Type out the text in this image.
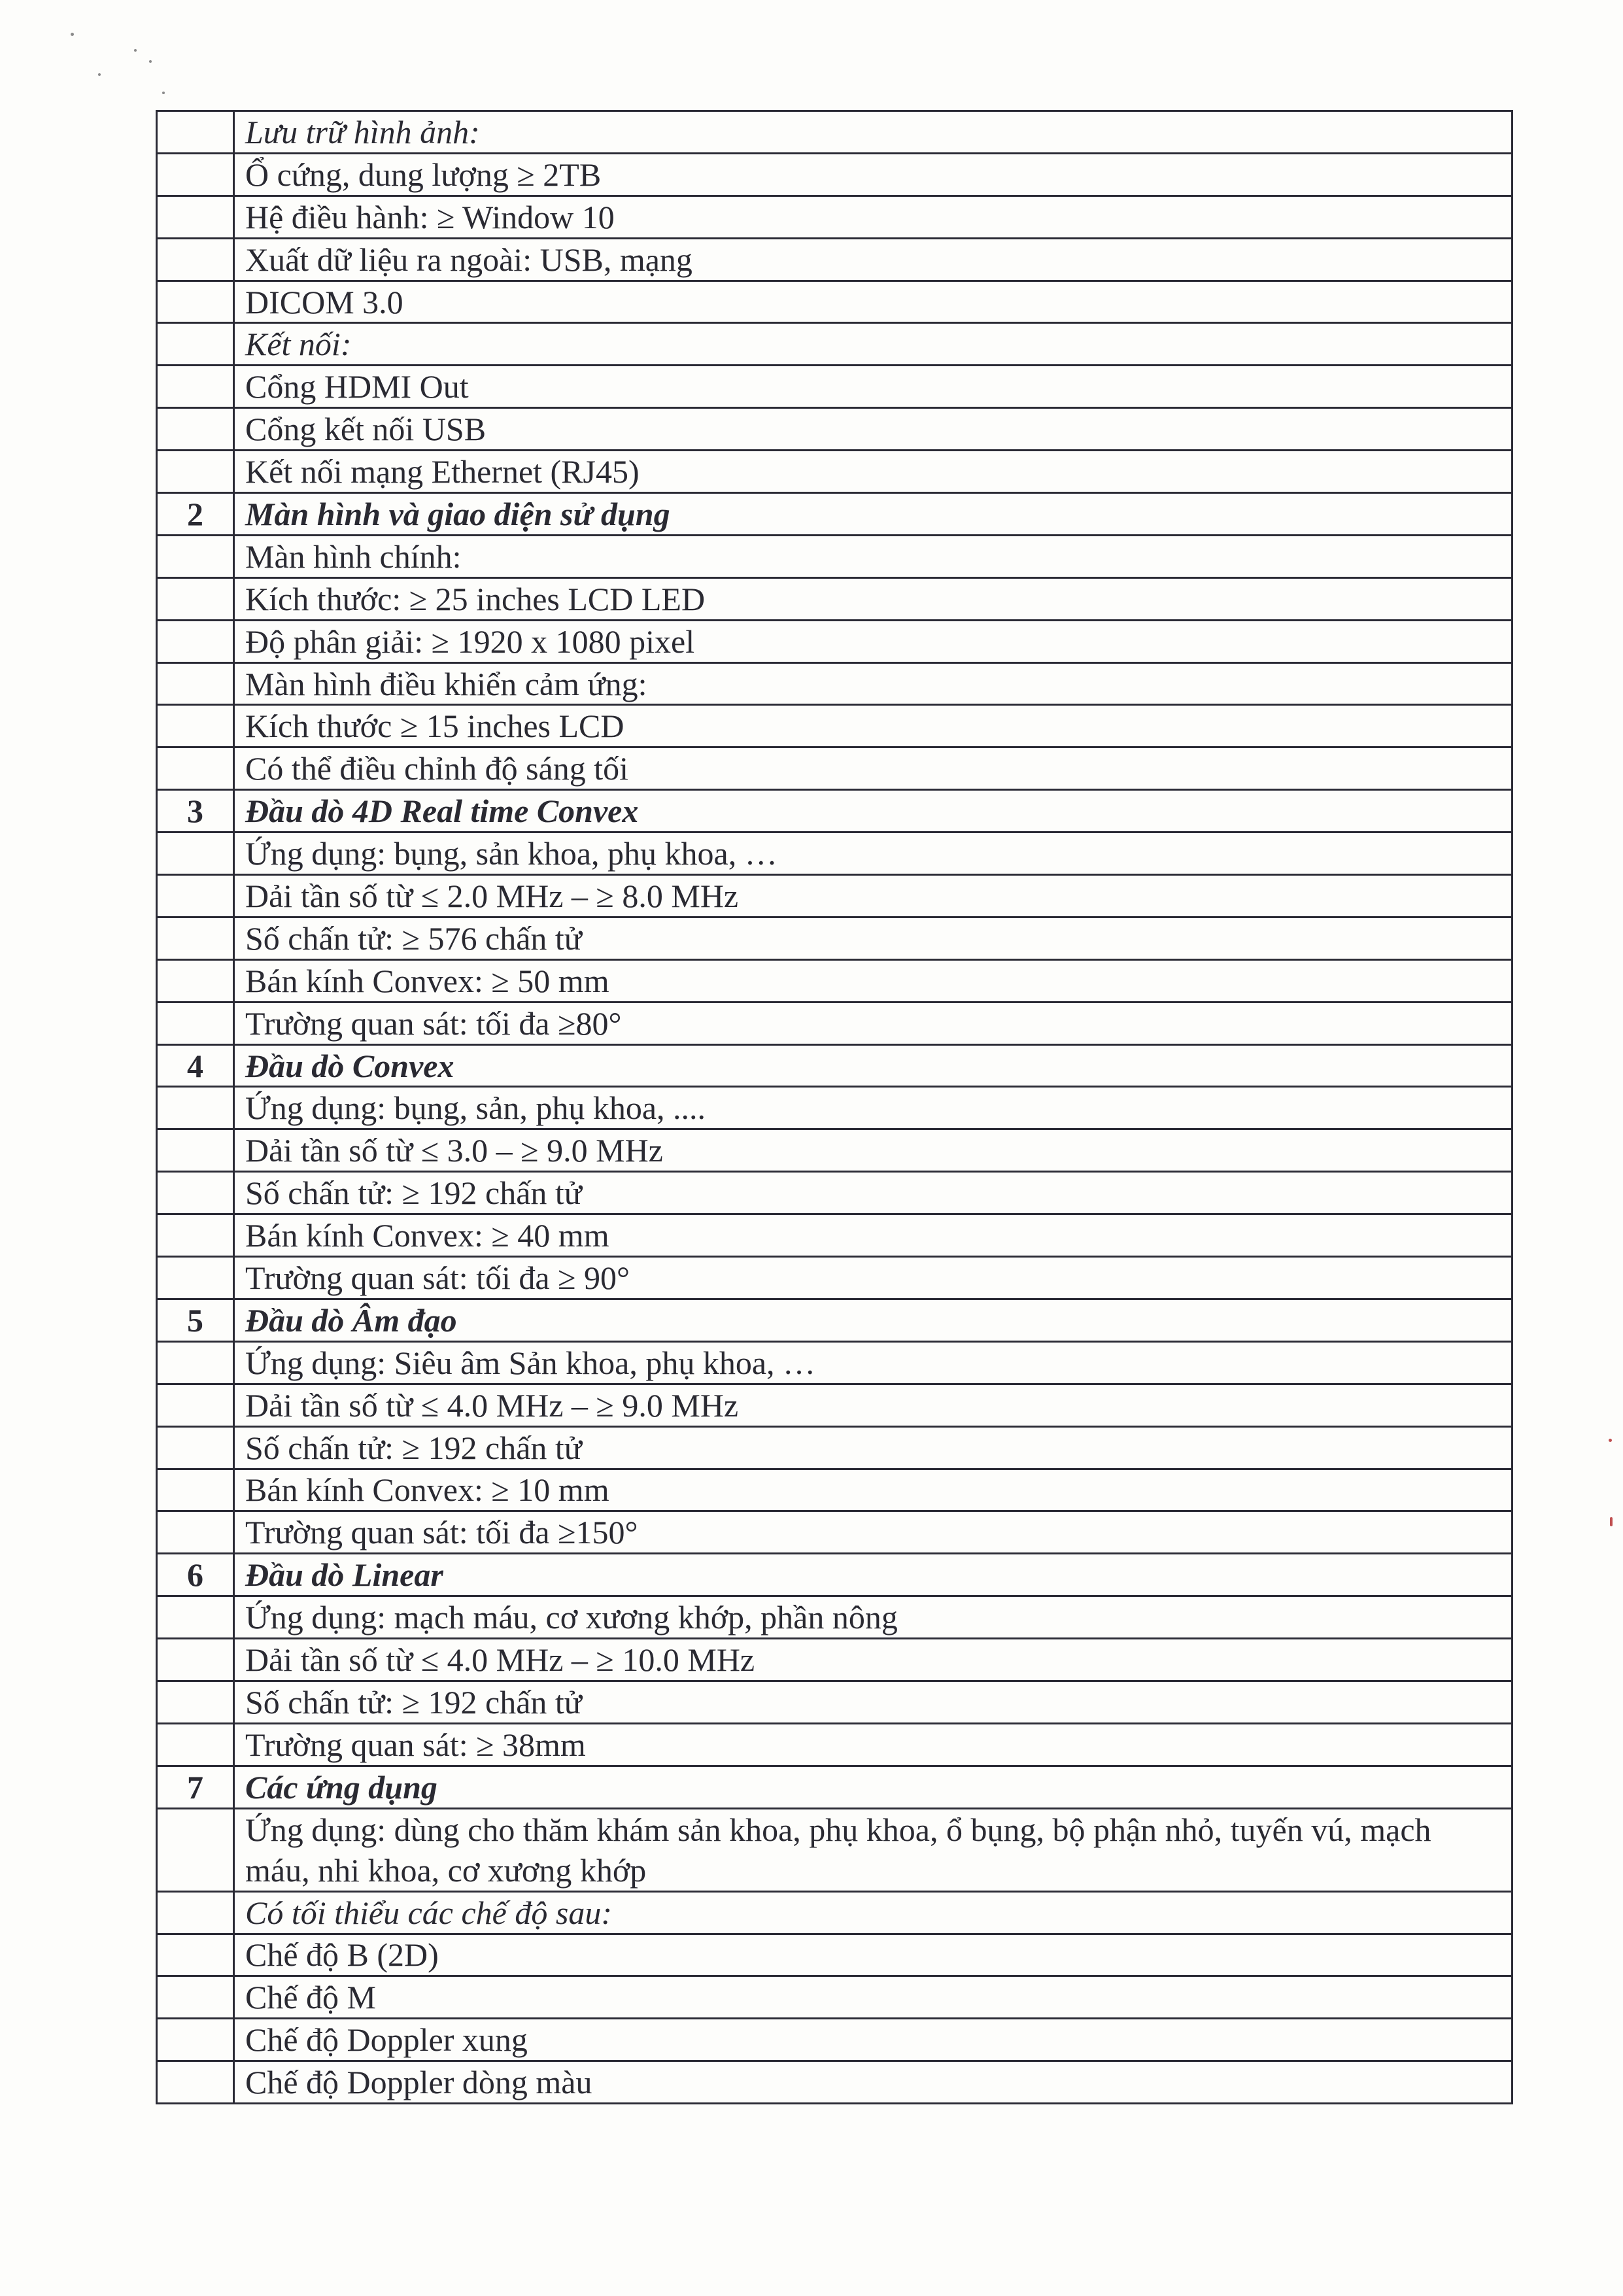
	Lưu trữ hình ảnh:
	Ổ cứng, dung lượng ≥ 2TB
	Hệ điều hành: ≥ Window 10
	Xuất dữ liệu ra ngoài: USB, mạng
	DICOM 3.0
	Kết nối:
	Cổng HDMI Out
	Cổng kết nối USB
	Kết nối mạng Ethernet (RJ45)
2	Màn hình và giao diện sử dụng
	Màn hình chính:
	Kích thước: ≥ 25 inches LCD LED
	Độ phân giải: ≥ 1920 x 1080 pixel
	Màn hình điều khiển cảm ứng:
	Kích thước ≥ 15 inches LCD
	Có thể điều chỉnh độ sáng tối
3	Đầu dò 4D Real time Convex
	Ứng dụng: bụng, sản khoa, phụ khoa, …
	Dải tần số từ ≤ 2.0 MHz – ≥ 8.0 MHz
	Số chấn tử: ≥ 576 chấn tử
	Bán kính Convex: ≥ 50 mm
	Trường quan sát: tối đa ≥80°
4	Đầu dò Convex
	Ứng dụng: bụng, sản, phụ khoa, ....
	Dải tần số từ ≤ 3.0 – ≥ 9.0 MHz
	Số chấn tử: ≥ 192 chấn tử
	Bán kính Convex: ≥ 40 mm
	Trường quan sát: tối đa ≥ 90°
5	Đầu dò Âm đạo
	Ứng dụng: Siêu âm Sản khoa, phụ khoa, …
	Dải tần số từ ≤ 4.0 MHz – ≥ 9.0 MHz
	Số chấn tử: ≥ 192 chấn tử
	Bán kính Convex: ≥ 10 mm
	Trường quan sát: tối đa ≥150°
6	Đầu dò Linear
	Ứng dụng: mạch máu, cơ xương khớp, phần nông
	Dải tần số từ ≤ 4.0 MHz – ≥ 10.0 MHz
	Số chấn tử: ≥ 192 chấn tử
	Trường quan sát: ≥ 38mm
7	Các ứng dụng
	Ứng dụng: dùng cho thăm khám sản khoa, phụ khoa, ổ bụng, bộ phận nhỏ, tuyến vú, mạch máu, nhi khoa, cơ xương khớp
	Có tối thiểu các chế độ sau:
	Chế độ B (2D)
	Chế độ M
	Chế độ Doppler xung
	Chế độ Doppler dòng màu
